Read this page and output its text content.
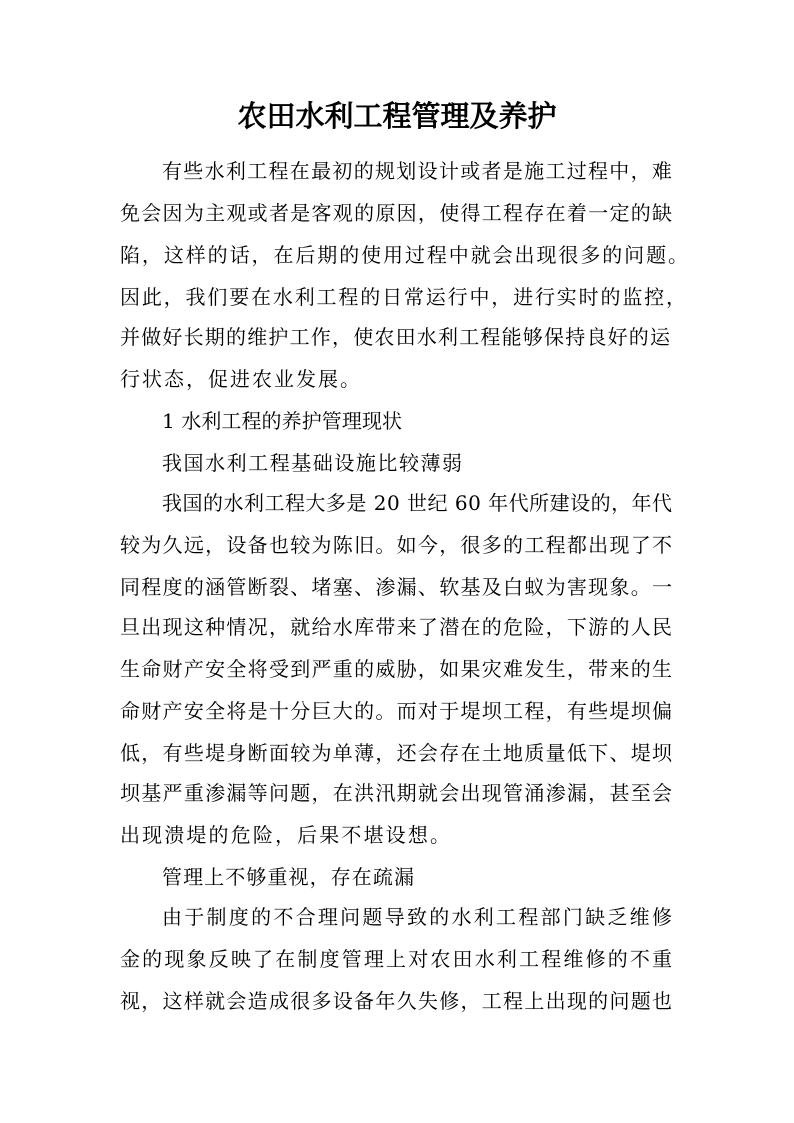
农田水利工程管理及养护
有些水利工程在最初的规划设计或者是施工过程中，难
免会因为主观或者是客观的原因，使得工程存在着一定的缺
陷，这样的话，在后期的使用过程中就会出现很多的问题。
因此，我们要在水利工程的日常运行中，进行实时的监控，
并做好长期的维护工作，使农田水利工程能够保持良好的运
行状态，促进农业发展。
1 水利工程的养护管理现状
我国水利工程基础设施比较薄弱
我国的水利工程大多是 20 世纪 60 年代所建设的，年代
较为久远，设备也较为陈旧。如今，很多的工程都出现了不
同程度的涵管断裂、堵塞、渗漏、软基及白蚁为害现象。一
旦出现这种情况，就给水库带来了潜在的危险，下游的人民
生命财产安全将受到严重的威胁，如果灾难发生，带来的生
命财产安全将是十分巨大的。而对于堤坝工程，有些堤坝偏
低，有些堤身断面较为单薄，还会存在土地质量低下、堤坝
坝基严重渗漏等问题，在洪汛期就会出现管涌渗漏，甚至会
出现溃堤的危险，后果不堪设想。
管理上不够重视，存在疏漏
由于制度的不合理问题导致的水利工程部门缺乏维修
金的现象反映了在制度管理上对农田水利工程维修的不重
视，这样就会造成很多设备年久失修，工程上出现的问题也
